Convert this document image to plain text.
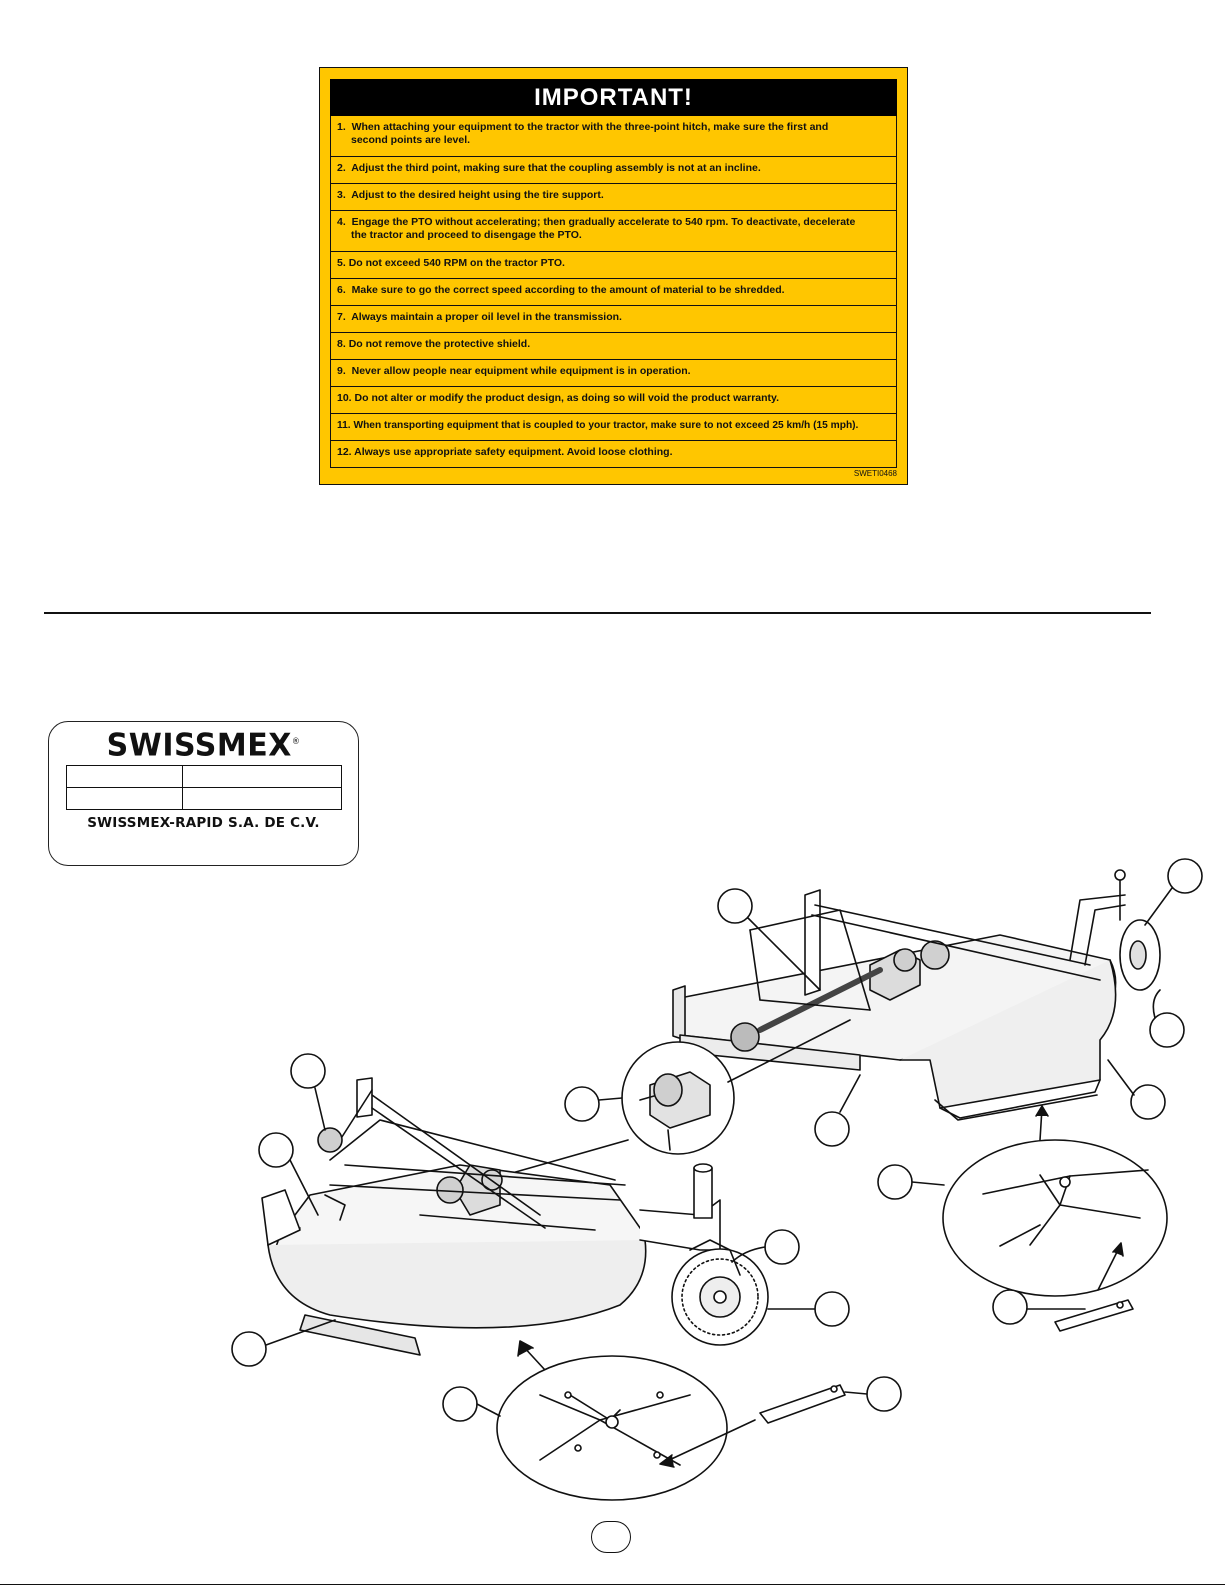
IMPORTANT!
1. When attaching your equipment to the tractor with the three-point hitch, make sure the first and
second points are level.
2. Adjust the third point, making sure that the coupling assembly is not at an incline.
3. Adjust to the desired height using the tire support.
4. Engage the PTO without accelerating; then gradually accelerate to 540 rpm. To deactivate, decelerate
the tractor and proceed to disengage the PTO.
5. Do not exceed 540 RPM on the tractor PTO.
6. Make sure to go the correct speed according to the amount of material to be shredded.
7. Always maintain a proper oil level in the transmission.
8. Do not remove the protective shield.
9. Never allow people near equipment while equipment is in operation.
10. Do not alter or modify the product design, as doing so will void the product warranty.
11. When transporting equipment that is coupled to your tractor, make sure to not exceed 25 km/h (15 mph).
12. Always use appropriate safety equipment. Avoid loose clothing.
SWETI0468
SWISSMEX®

SWISSMEX-RAPID S.A. DE C.V.
